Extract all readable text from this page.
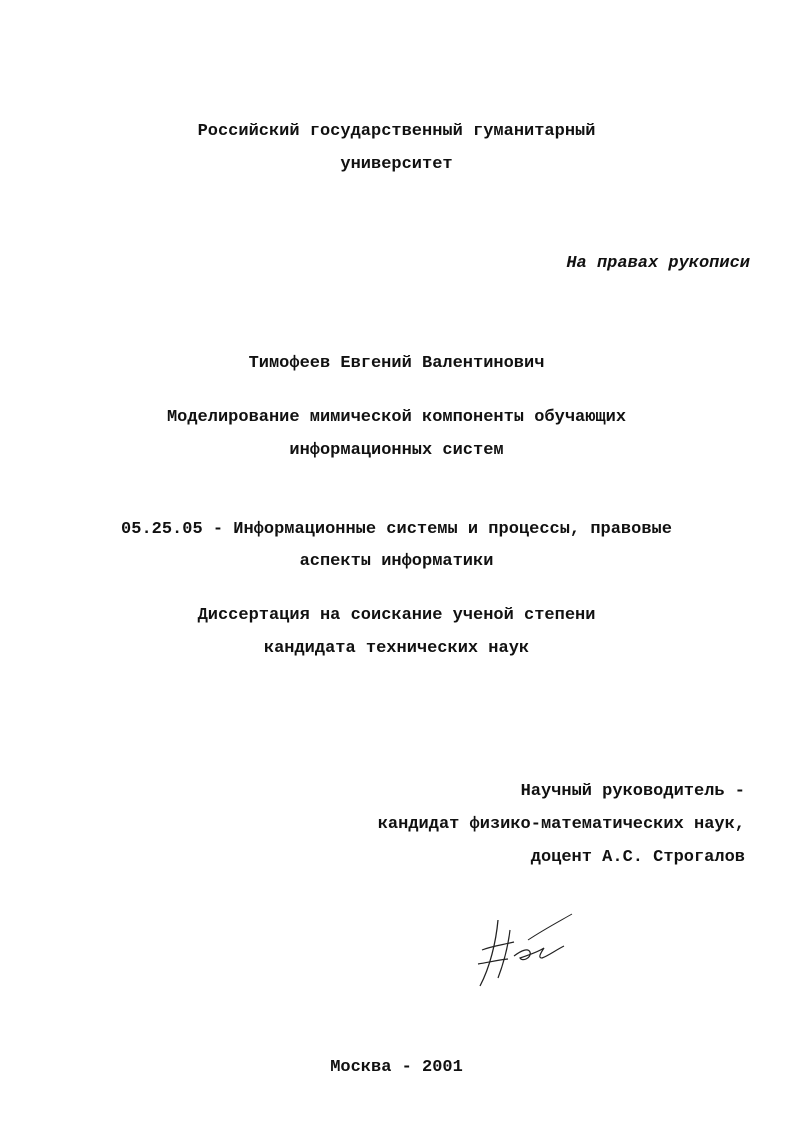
Российский государственный гуманитарный
университет
На правах рукописи
Тимофеев Евгений Валентинович
Моделирование мимической компоненты обучающих
информационных систем
05.25.05 - Информационные системы и процессы, правовые
аспекты информатики
Диссертация на соискание ученой степени
кандидата технических наук
Научный руководитель -
кандидат физико-математических наук,
доцент А.С. Строгалов
Москва - 2001
